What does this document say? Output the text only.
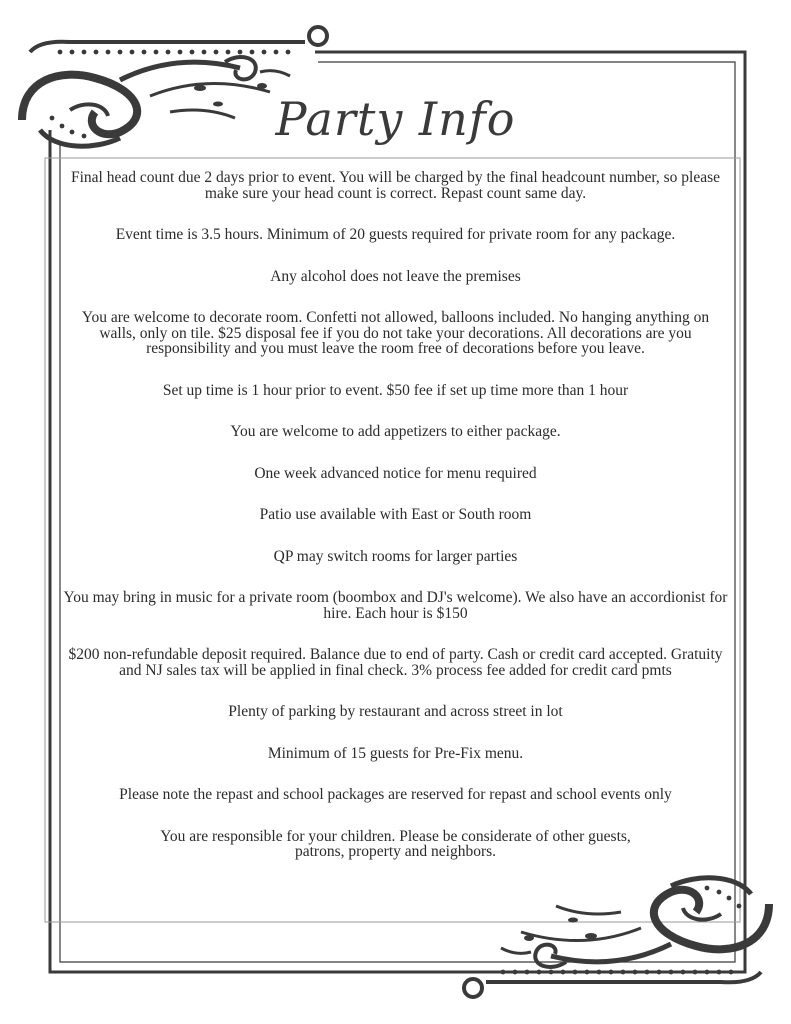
Party Info

Final head count due 2 days prior to event. You will be charged by the final headcount number, so please make sure your head count is correct. Repast count same day.

Event time is 3.5 hours. Minimum of 20 guests required for private room for any package.

Any alcohol does not leave the premises

You are welcome to decorate room. Confetti not allowed, balloons included. No hanging anything on walls, only on tile. $25 disposal fee if you do not take your decorations. All decorations are you responsibility and you must leave the room free of decorations before you leave.

Set up time is 1 hour prior to event. $50 fee if set up time more than 1 hour

You are welcome to add appetizers to either package.

One week advanced notice for menu required

Patio use available with East or South room

QP may switch rooms for larger parties

You may bring in music for a private room (boombox and DJ's welcome). We also have an accordionist for hire. Each hour is $150

$200 non-refundable deposit required. Balance due to end of party. Cash or credit card accepted. Gratuity and NJ sales tax will be applied in final check. 3% process fee added for credit card pmts

Plenty of parking by restaurant and across street in lot

Minimum of 15 guests for Pre-Fix menu.

Please note the repast and school packages are reserved for repast and school events only

You are responsible for your children. Please be considerate of other guests, patrons, property and neighbors.
